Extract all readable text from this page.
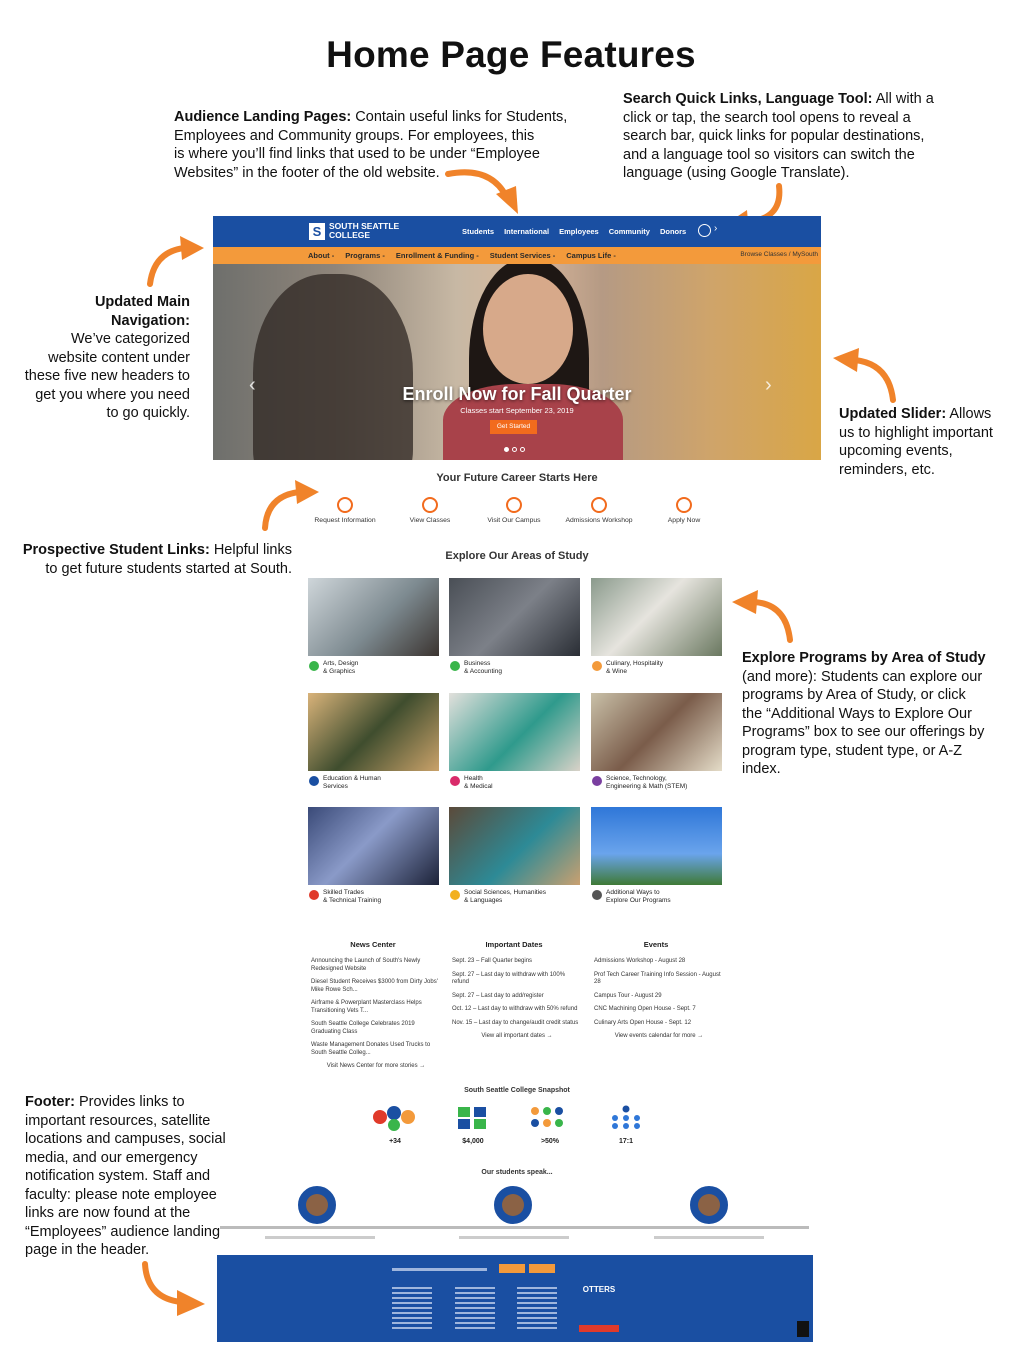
Home Page Features
Audience Landing Pages: Contain useful links for Students,
Employees and Community groups. For employees, this
is where you’ll find links that used to be under “Employee
Websites” in the footer of the old website.
Search Quick Links, Language Tool: All with a
click or tap, the search tool opens to reveal a
search bar, quick links for popular destinations,
and a language tool so visitors can switch the
language (using Google Translate).
Updated Main
Navigation:
We’ve categorized
website content under
these five new headers to
get you where you need
to go quickly.	Updated Slider: Allows
us to highlight important
upcoming events,
reminders, etc.
Prospective Student Links: Helpful links
to get future students started at South.
Explore Programs by Area of Study
(and more): Students can explore our
programs by Area of Study, or click
the “Additional Ways to Explore Our
Programs” box to see our offerings by
program type, student type, or A-Z
index.
Footer: Provides links to
important resources, satellite
locations and campuses, social
media, and our emergency
notification system. Staff and
faculty: please note employee
links are now found at the
“Employees” audience landing
page in the header.
S SOUTH SEATTLE
COLLEGE	Students International Employees Community Donors	›
About - Programs - Enrollment & Funding - Student Services - Campus Life -	Browse Classes / MySouth
‹	›
Enroll Now for Fall Quarter
Classes start September 23, 2019
Get Started
Your Future Career Starts Here
Request Information	View Classes	Visit Our Campus	Admissions Workshop	Apply Now
Explore Our Areas of Study
Arts, Design
& Graphics
Business
& Accounting
Culinary, Hospitality
& Wine
Education & Human
Services
Health
& Medical
Science, Technology,
Engineering & Math (STEM)
Skilled Trades
& Technical Training
Social Sciences, Humanities
& Languages
Additional Ways to
Explore Our Programs
News Center
Announcing the Launch of South's Newly Redesigned Website
Diesel Student Receives $3000 from Dirty Jobs' Mike Rowe Sch...
Airframe & Powerplant Masterclass Helps Transitioning Vets T...
South Seattle College Celebrates 2019 Graduating Class
Waste Management Donates Used Trucks to South Seattle Colleg...
Visit News Center for more stories →
Important Dates
Sept. 23 – Fall Quarter begins
Sept. 27 – Last day to withdraw with 100% refund
Sept. 27 – Last day to add/register
Oct. 12 – Last day to withdraw with 50% refund
Nov. 15 – Last day to change/audit credit status
View all important dates →
Events
Admissions Workshop - August 28
Prof Tech Career Training Info Session - August 28
Campus Tour - August 29
CNC Machining Open House - Sept. 7
Culinary Arts Open House - Sept. 12
View events calendar for more →
South Seattle College Snapshot
+34	$4,000	>50%	17:1
Our students speak...
OTTERS
